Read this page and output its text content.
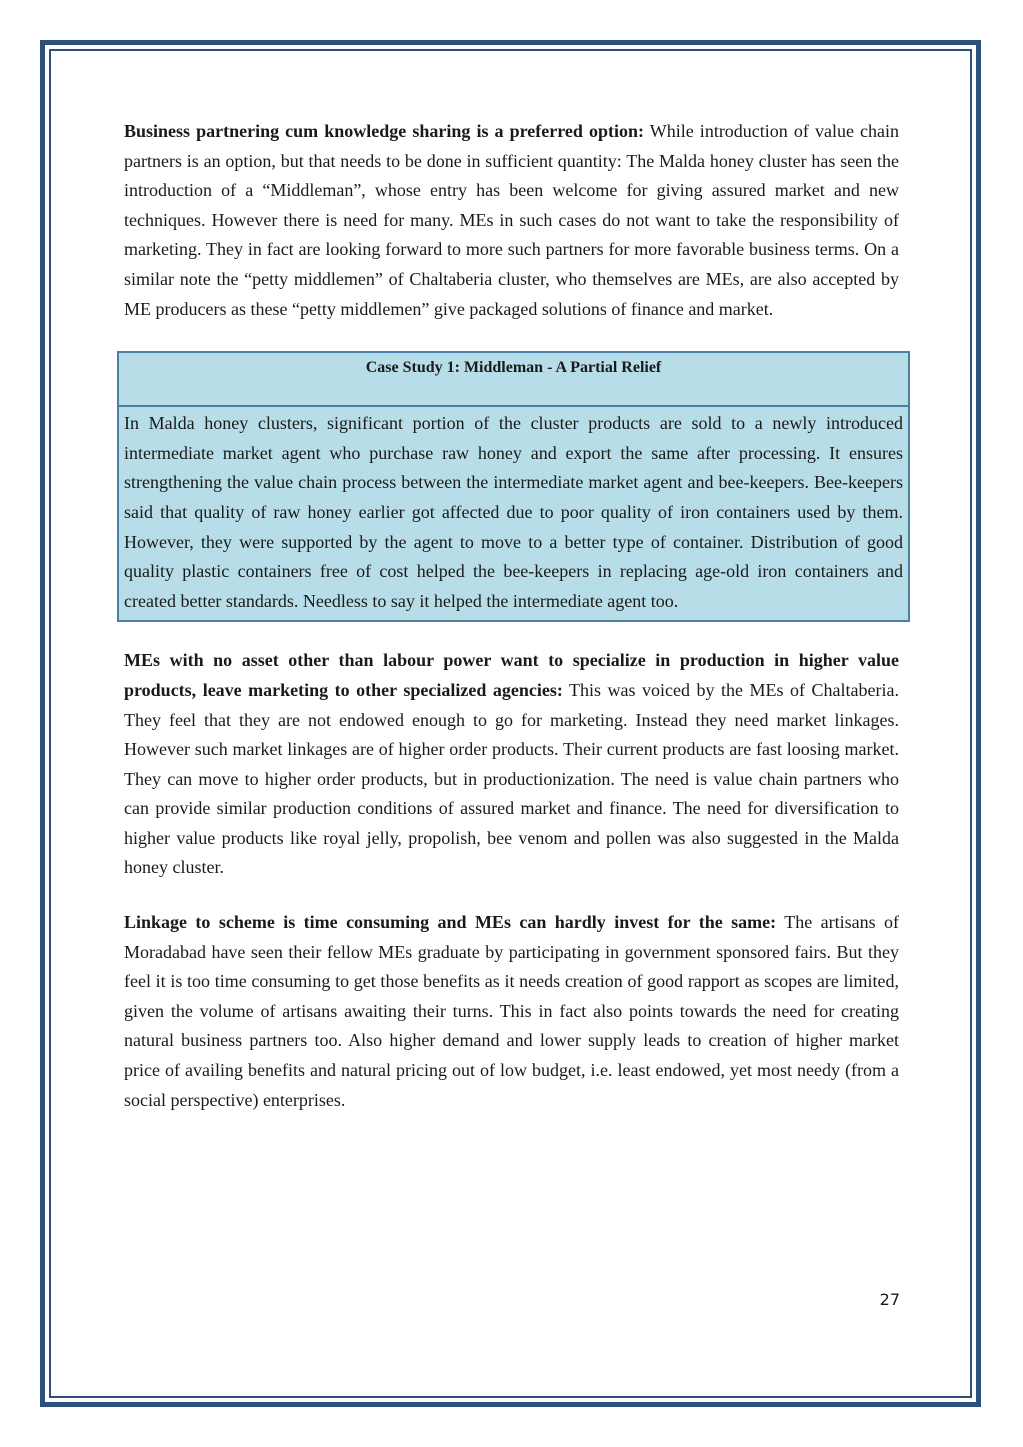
Business partnering cum knowledge sharing is a preferred option: While introduction of value chain partners is an option, but that needs to be done in sufficient quantity: The Malda honey cluster has seen the introduction of a “Middleman”, whose entry has been welcome for giving assured market and new techniques. However there is need for many. MEs in such cases do not want to take the responsibility of marketing. They in fact are looking forward to more such partners for more favorable business terms. On a similar note the “petty middlemen” of Chaltaberia cluster, who themselves are MEs, are also accepted by ME producers as these “petty middlemen” give packaged solutions of finance and market.

Case Study 1: Middleman - A Partial Relief

In Malda honey clusters, significant portion of the cluster products are sold to a newly introduced intermediate market agent who purchase raw honey and export the same after processing. It ensures strengthening the value chain process between the intermediate market agent and bee-keepers. Bee-keepers said that quality of raw honey earlier got affected due to poor quality of iron containers used by them. However, they were supported by the agent to move to a better type of container. Distribution of good quality plastic containers free of cost helped the bee-keepers in replacing age-old iron containers and created better standards. Needless to say it helped the intermediate agent too.

MEs with no asset other than labour power want to specialize in production in higher value products, leave marketing to other specialized agencies: This was voiced by the MEs of Chaltaberia. They feel that they are not endowed enough to go for marketing. Instead they need market linkages. However such market linkages are of higher order products. Their current products are fast loosing market. They can move to higher order products, but in productionization. The need is value chain partners who can provide similar production conditions of assured market and finance. The need for diversification to higher value products like royal jelly, propolish, bee venom and pollen was also suggested in the Malda honey cluster.

Linkage to scheme is time consuming and MEs can hardly invest for the same: The artisans of Moradabad have seen their fellow MEs graduate by participating in government sponsored fairs. But they feel it is too time consuming to get those benefits as it needs creation of good rapport as scopes are limited, given the volume of artisans awaiting their turns. This in fact also points towards the need for creating natural business partners too. Also higher demand and lower supply leads to creation of higher market price of availing benefits and natural pricing out of low budget, i.e. least endowed, yet most needy (from a social perspective) enterprises.

27
